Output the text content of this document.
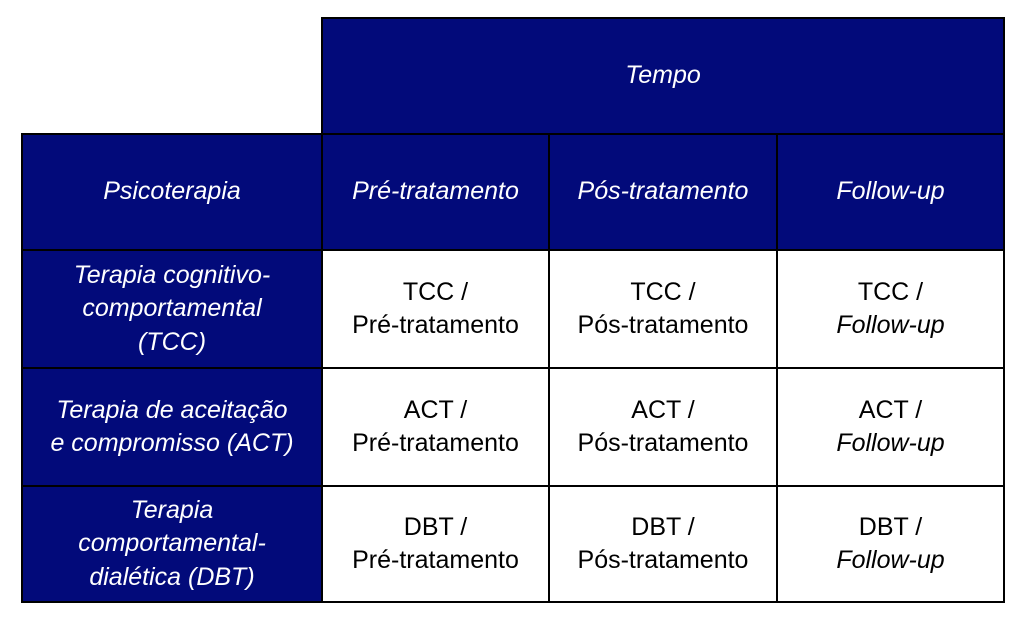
Tempo
Psicoterapia	Pré-tratamento Pós-tratamento	Follow-up
Terapia cognitivo-
comportamental
(TCC)
TCC /
Pré-tratamento
TCC /
Pós-tratamento
TCC /
Follow-up
Terapia de aceitação
e compromisso (ACT)
ACT /
Pré-tratamento
ACT /
Pós-tratamento
ACT /
Follow-up
Terapia
comportamental-
dialética (DBT)
DBT /
Pré-tratamento
DBT /
Pós-tratamento
DBT /
Follow-up
